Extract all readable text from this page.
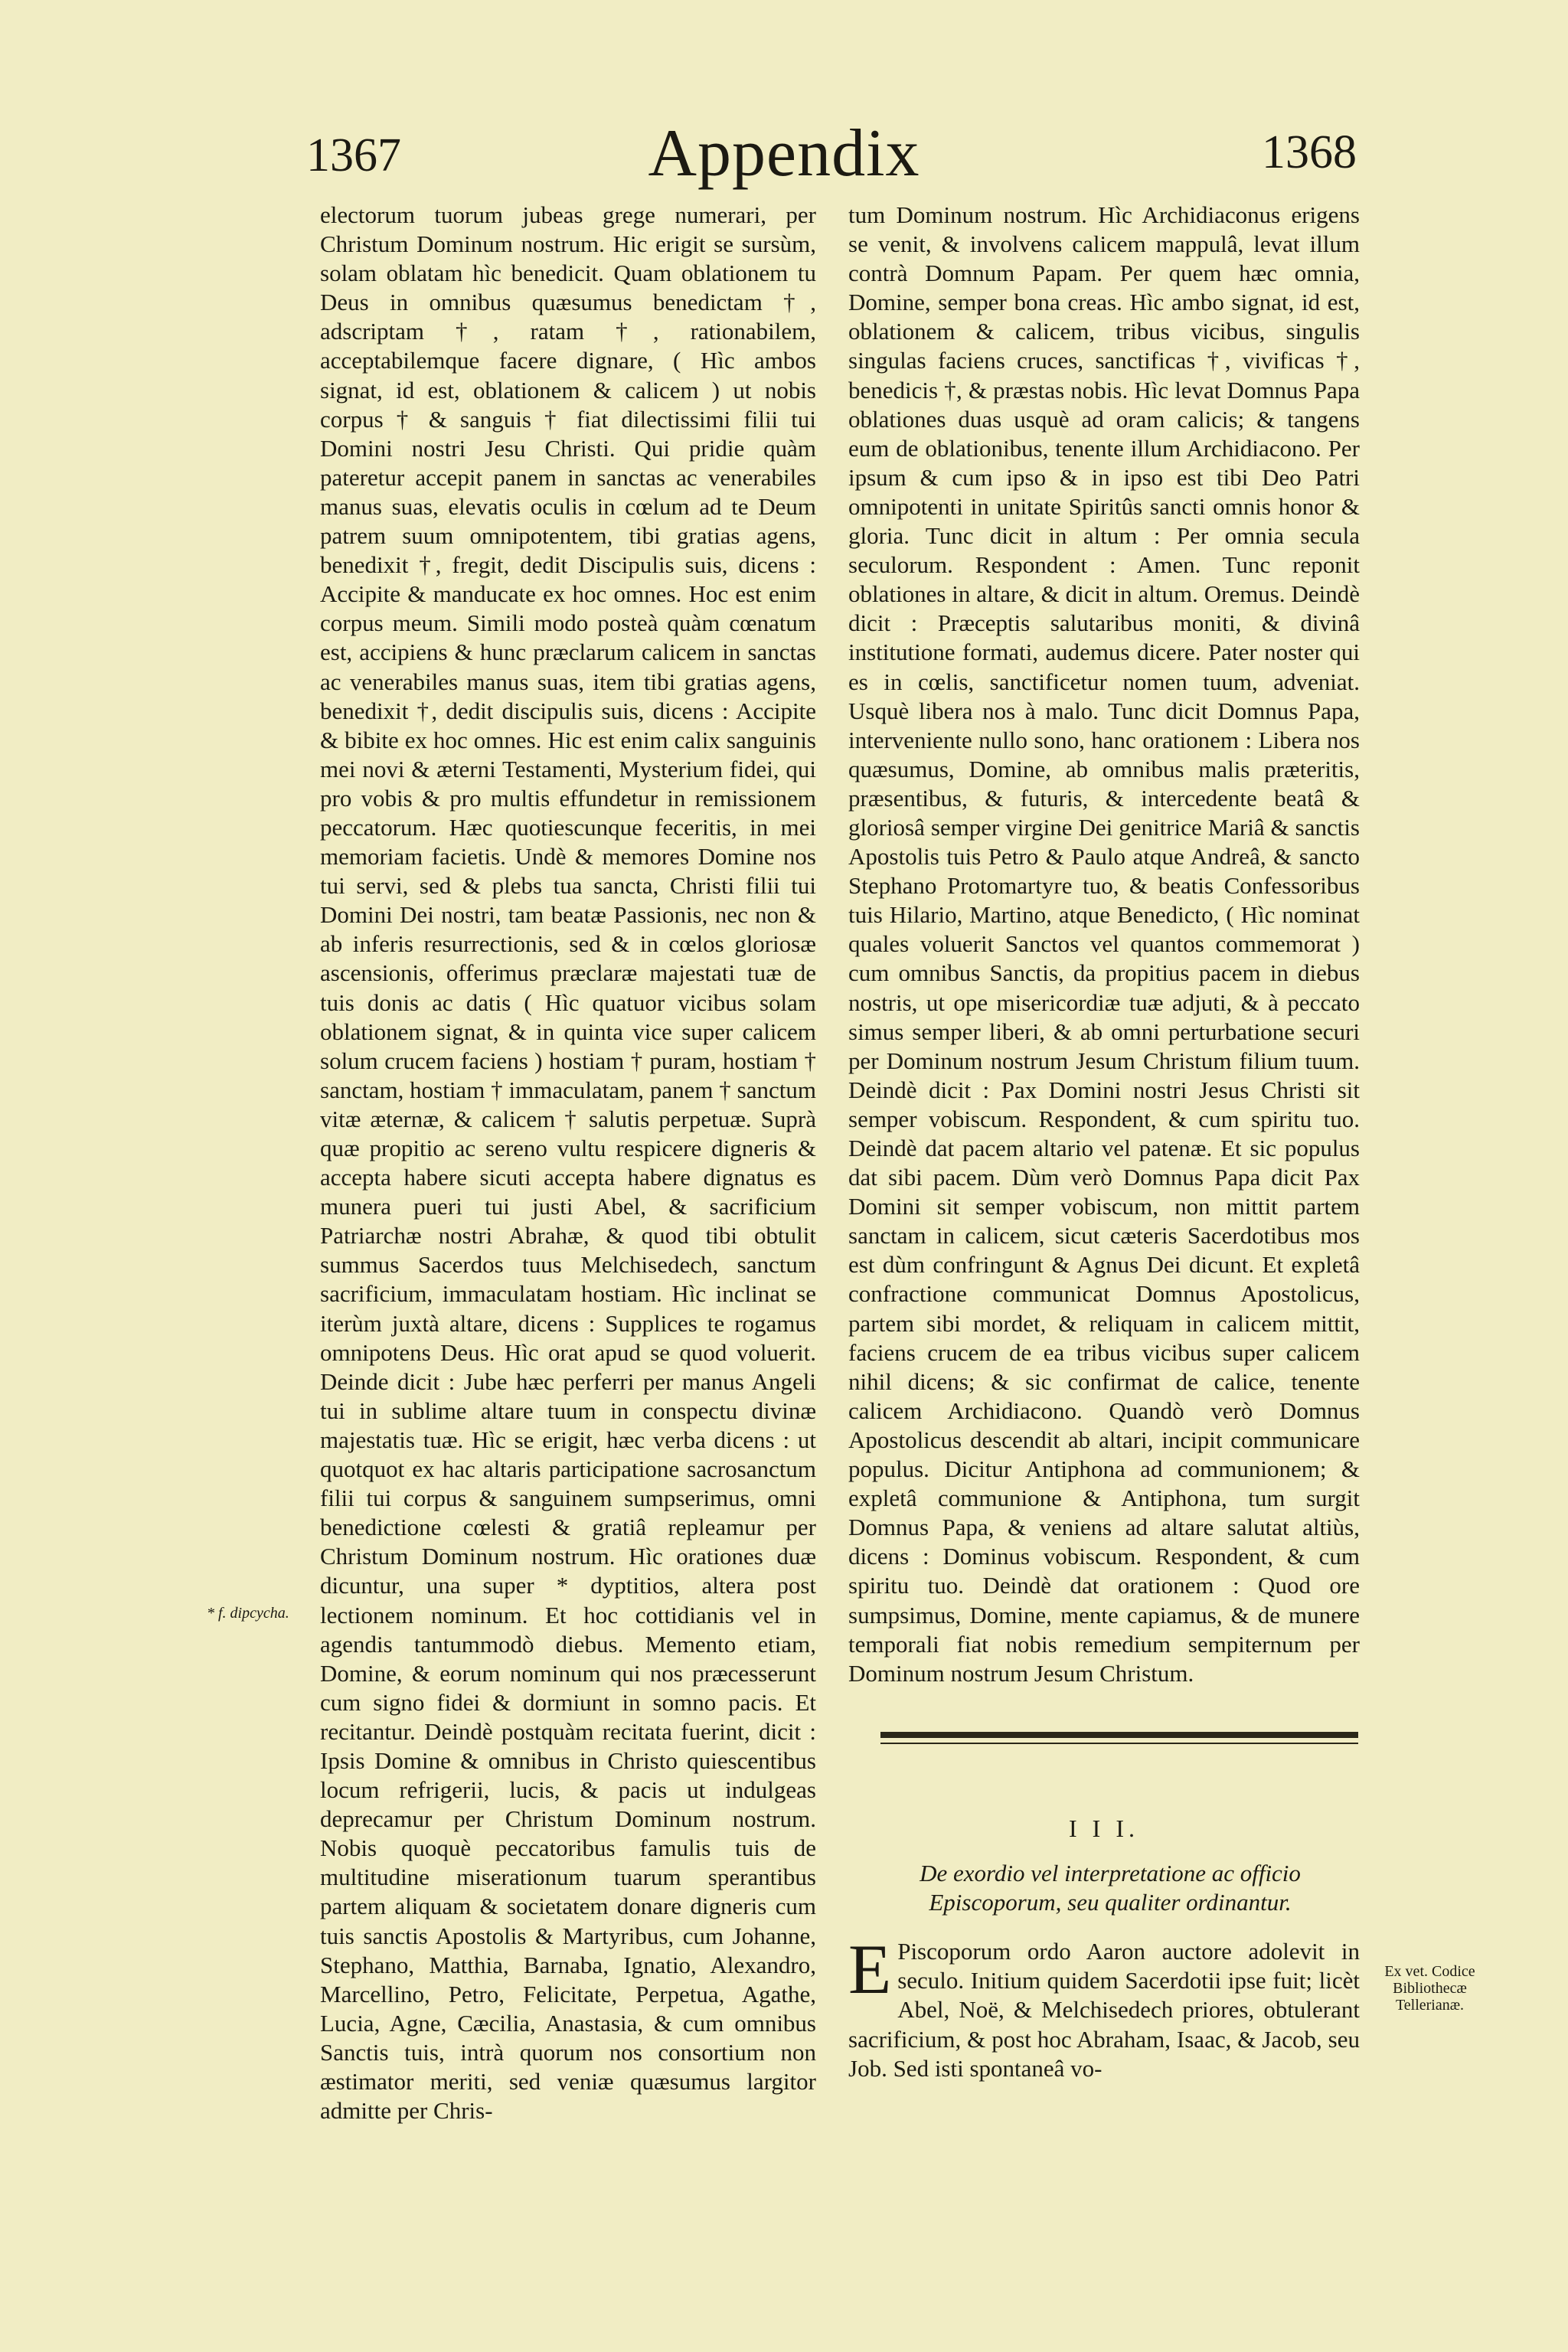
1367	Appendix	1368

electorum tuorum jubeas grege numerari, per Christum Dominum nostrum. Hic erigit se sursùm, solam oblatam hìc benedicit. Quam oblationem tu Deus in omnibus quæsumus benedictam †, adscriptam †, ratam †, rationabilem, acceptabilemque facere dignare, ( Hìc ambos signat, id est, oblationem & calicem ) ut nobis corpus † & sanguis † fiat dilectissimi filii tui Domini nostri Jesu Christi. Qui pridie quàm pateretur accepit panem in sanctas ac venerabiles manus suas, elevatis oculis in cœlum ad te Deum patrem suum omnipotentem, tibi gratias agens, benedixit †, fregit, dedit Discipulis suis, dicens : Accipite & manducate ex hoc omnes. Hoc est enim corpus meum. Simili modo posteà quàm cœnatum est, accipiens & hunc præclarum calicem in sanctas ac venerabiles manus suas, item tibi gratias agens, benedixit †, dedit discipulis suis, dicens : Accipite & bibite ex hoc omnes. Hic est enim calix sanguinis mei novi & æterni Testamenti, Mysterium fidei, qui pro vobis & pro multis effundetur in remissionem peccatorum. Hæc quotiescunque feceritis, in mei memoriam facietis. Undè & memores Domine nos tui servi, sed & plebs tua sancta, Christi filii tui Domini Dei nostri, tam beatæ Passionis, nec non & ab inferis resurrectionis, sed & in cœlos gloriosæ ascensionis, offerimus præclaræ majestati tuæ de tuis donis ac datis ( Hìc quatuor vicibus solam oblationem signat, & in quinta vice super calicem solum crucem faciens ) hostiam † puram, hostiam † sanctam, hostiam † immaculatam, panem † sanctum vitæ æternæ, & calicem † salutis perpetuæ. Suprà quæ propitio ac sereno vultu respicere digneris & accepta habere sicuti accepta habere dignatus es munera pueri tui justi Abel, & sacrificium Patriarchæ nostri Abrahæ, & quod tibi obtulit summus Sacerdos tuus Melchisedech, sanctum sacrificium, immaculatam hostiam. Hìc inclinat se iterùm juxtà altare, dicens : Supplices te rogamus omnipotens Deus. Hìc orat apud se quod voluerit. Deinde dicit : Jube hæc perferri per manus Angeli tui in sublime altare tuum in conspectu divinæ majestatis tuæ. Hìc se erigit, hæc verba dicens : ut quotquot ex hac altaris participatione sacrosanctum filii tui corpus & sanguinem sumpserimus, omni benedictione cœlesti & gratiâ repleamur per Christum Dominum nostrum. Hìc orationes duæ dicuntur, una super * dyptitios, altera post lectionem nominum. Et hoc cottidianis vel in agendis tantummodò diebus. Memento etiam, Domine, & eorum nominum qui nos præcesserunt cum signo fidei & dormiunt in somno pacis. Et recitantur. Deindè postquàm recitata fuerint, dicit : Ipsis Domine & omnibus in Christo quiescentibus locum refrigerii, lucis, & pacis ut indulgeas deprecamur per Christum Dominum nostrum. Nobis quoquè peccatoribus famulis tuis de multitudine miserationum tuarum sperantibus partem aliquam & societatem donare digneris cum tuis sanctis Apostolis & Martyribus, cum Johanne, Stephano, Matthia, Barnaba, Ignatio, Alexandro, Marcellino, Petro, Felicitate, Perpetua, Agathe, Lucia, Agne, Cæcilia, Anastasia, & cum omnibus Sanctis tuis, intrà quorum nos consortium non æstimator meriti, sed veniæ quæsumus largitor admitte per Chris-

tum Dominum nostrum. Hìc Archidiaconus erigens se venit, & involvens calicem mappulâ, levat illum contrà Domnum Papam. Per quem hæc omnia, Domine, semper bona creas. Hìc ambo signat, id est, oblationem & calicem, tribus vicibus, singulis singulas faciens cruces, sanctificas †, vivificas †, benedicis †, & præstas nobis. Hìc levat Domnus Papa oblationes duas usquè ad oram calicis; & tangens eum de oblationibus, tenente illum Archidiacono. Per ipsum & cum ipso & in ipso est tibi Deo Patri omnipotenti in unitate Spiritûs sancti omnis honor & gloria. Tunc dicit in altum : Per omnia secula seculorum. Respondent : Amen. Tunc reponit oblationes in altare, & dicit in altum. Oremus. Deindè dicit : Præceptis salutaribus moniti, & divinâ institutione formati, audemus dicere. Pater noster qui es in cœlis, sanctificetur nomen tuum, adveniat. Usquè libera nos à malo. Tunc dicit Domnus Papa, interveniente nullo sono, hanc orationem : Libera nos quæsumus, Domine, ab omnibus malis præteritis, præsentibus, & futuris, & intercedente beatâ & gloriosâ semper virgine Dei genitrice Mariâ & sanctis Apostolis tuis Petro & Paulo atque Andreâ, & sancto Stephano Protomartyre tuo, & beatis Confessoribus tuis Hilario, Martino, atque Benedicto, ( Hìc nominat quales voluerit Sanctos vel quantos commemorat ) cum omnibus Sanctis, da propitius pacem in diebus nostris, ut ope misericordiæ tuæ adjuti, & à peccato simus semper liberi, & ab omni perturbatione securi per Dominum nostrum Jesum Christum filium tuum. Deindè dicit : Pax Domini nostri Jesus Christi sit semper vobiscum. Respondent, & cum spiritu tuo. Deindè dat pacem altario vel patenæ. Et sic populus dat sibi pacem. Dùm verò Domnus Papa dicit Pax Domini sit semper vobiscum, non mittit partem sanctam in calicem, sicut cæteris Sacerdotibus mos est dùm confringunt & Agnus Dei dicunt. Et expletâ confractione communicat Domnus Apostolicus, partem sibi mordet, & reliquam in calicem mittit, faciens crucem de ea tribus vicibus super calicem nihil dicens; & sic confirmat de calice, tenente calicem Archidiacono. Quandò verò Domnus Apostolicus descendit ab altari, incipit communicare populus. Dicitur Antiphona ad communionem; & expletâ communione & Antiphona, tum surgit Domnus Papa, & veniens ad altare salutat altiùs, dicens : Dominus vobiscum. Respondent, & cum spiritu tuo. Deindè dat orationem : Quod ore sumpsimus, Domine, mente capiamus, & de munere temporali fiat nobis remedium sempiternum per Dominum nostrum Jesum Christum.

I I I.
De exordio vel interpretatione ac officio Episcoporum, seu qualiter ordinantur.
E Piscoporum ordo Aaron auctore adolevit in seculo. Initium quidem Sacerdotii ipse fuit; licèt Abel, Noë, & Melchisedech priores, obtulerant sacrificium, & post hoc Abraham, Isaac, & Jacob, seu Job. Sed isti spontaneâ vo-
* f. dipcycha.
Ex vet. Codice Bibliothecæ Tellerianæ.
